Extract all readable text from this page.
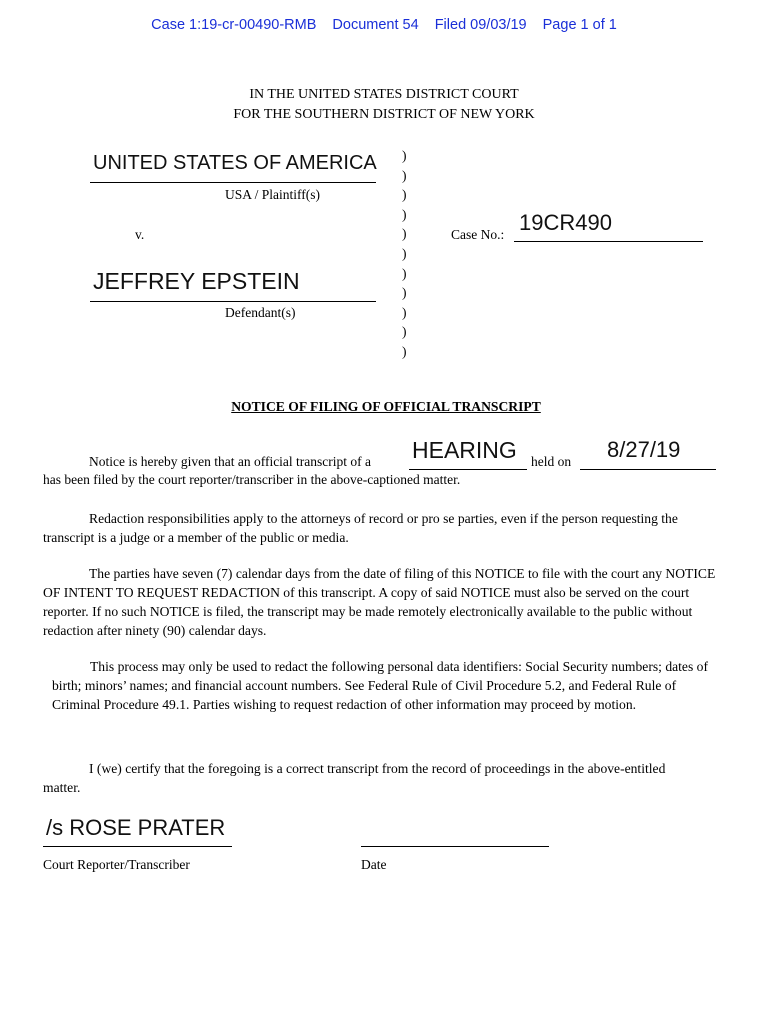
Case 1:19-cr-00490-RMB Document 54 Filed 09/03/19 Page 1 of 1
IN THE UNITED STATES DISTRICT COURT
FOR THE SOUTHERN DISTRICT OF NEW YORK
UNITED STATES OF AMERICA
USA / Plaintiff(s)
v.
JEFFREY EPSTEIN
Defendant(s)
)
)
)
)
)
)
)
)
)
)
)
Case No.: 19CR490
NOTICE OF FILING OF OFFICIAL TRANSCRIPT
Notice is hereby given that an official transcript of a HEARING held on 8/27/19
has been filed by the court reporter/transcriber in the above-captioned matter.
Redaction responsibilities apply to the attorneys of record or pro se parties, even if the person requesting the transcript is a judge or a member of the public or media.
The parties have seven (7) calendar days from the date of filing of this NOTICE to file with the court any NOTICE OF INTENT TO REQUEST REDACTION of this transcript. A copy of said NOTICE must also be served on the court reporter. If no such NOTICE is filed, the transcript may be made remotely electronically available to the public without redaction after ninety (90) calendar days.
This process may only be used to redact the following personal data identifiers: Social Security numbers; dates of birth; minors’ names; and financial account numbers. See Federal Rule of Civil Procedure 5.2, and Federal Rule of Criminal Procedure 49.1. Parties wishing to request redaction of other information may proceed by motion.
I (we) certify that the foregoing is a correct transcript from the record of proceedings in the above-entitled matter.
/s ROSE PRATER
Court Reporter/Transcriber	Date
